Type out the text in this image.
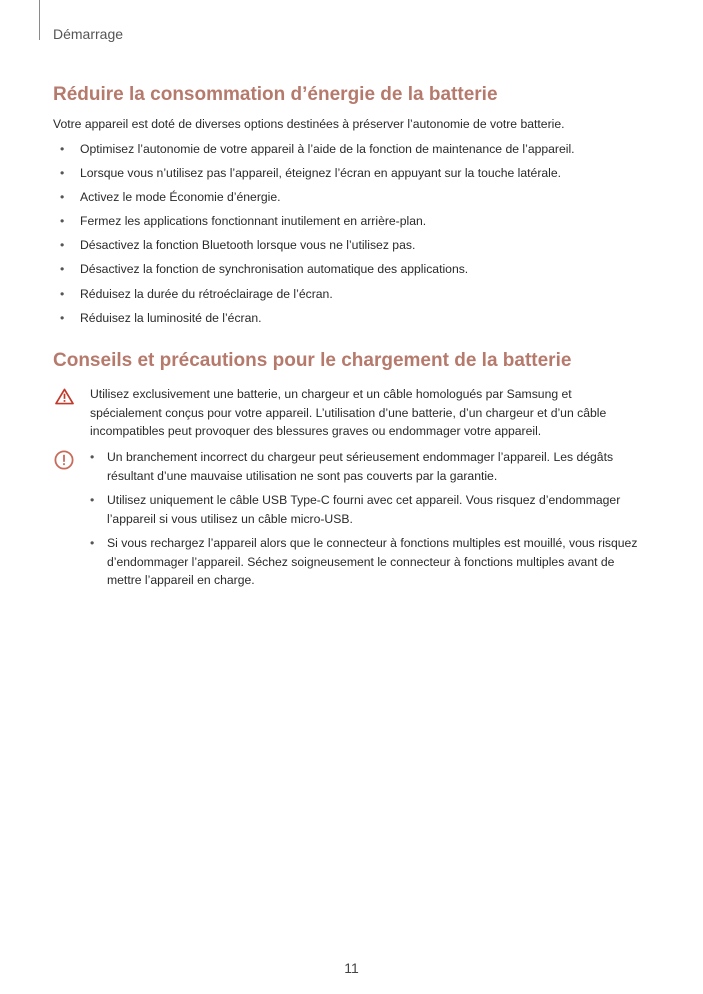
Démarrage
Réduire la consommation d’énergie de la batterie
Votre appareil est doté de diverses options destinées à préserver l’autonomie de votre batterie.
• Optimisez l’autonomie de votre appareil à l’aide de la fonction de maintenance de l’appareil.
• Lorsque vous n’utilisez pas l’appareil, éteignez l’écran en appuyant sur la touche latérale.
• Activez le mode Économie d’énergie.
• Fermez les applications fonctionnant inutilement en arrière-plan.
• Désactivez la fonction Bluetooth lorsque vous ne l’utilisez pas.
• Désactivez la fonction de synchronisation automatique des applications.
• Réduisez la durée du rétroéclairage de l’écran.
• Réduisez la luminosité de l’écran.
Conseils et précautions pour le chargement de la batterie
Utilisez exclusivement une batterie, un chargeur et un câble homologués par Samsung et spécialement conçus pour votre appareil. L’utilisation d’une batterie, d’un chargeur et d’un câble incompatibles peut provoquer des blessures graves ou endommager votre appareil.
• Un branchement incorrect du chargeur peut sérieusement endommager l’appareil. Les dégâts résultant d’une mauvaise utilisation ne sont pas couverts par la garantie.
• Utilisez uniquement le câble USB Type-C fourni avec cet appareil. Vous risquez d’endommager l’appareil si vous utilisez un câble micro-USB.
• Si vous rechargez l’appareil alors que le connecteur à fonctions multiples est mouillé, vous risquez d’endommager l’appareil. Séchez soigneusement le connecteur à fonctions multiples avant de mettre l’appareil en charge.
11
